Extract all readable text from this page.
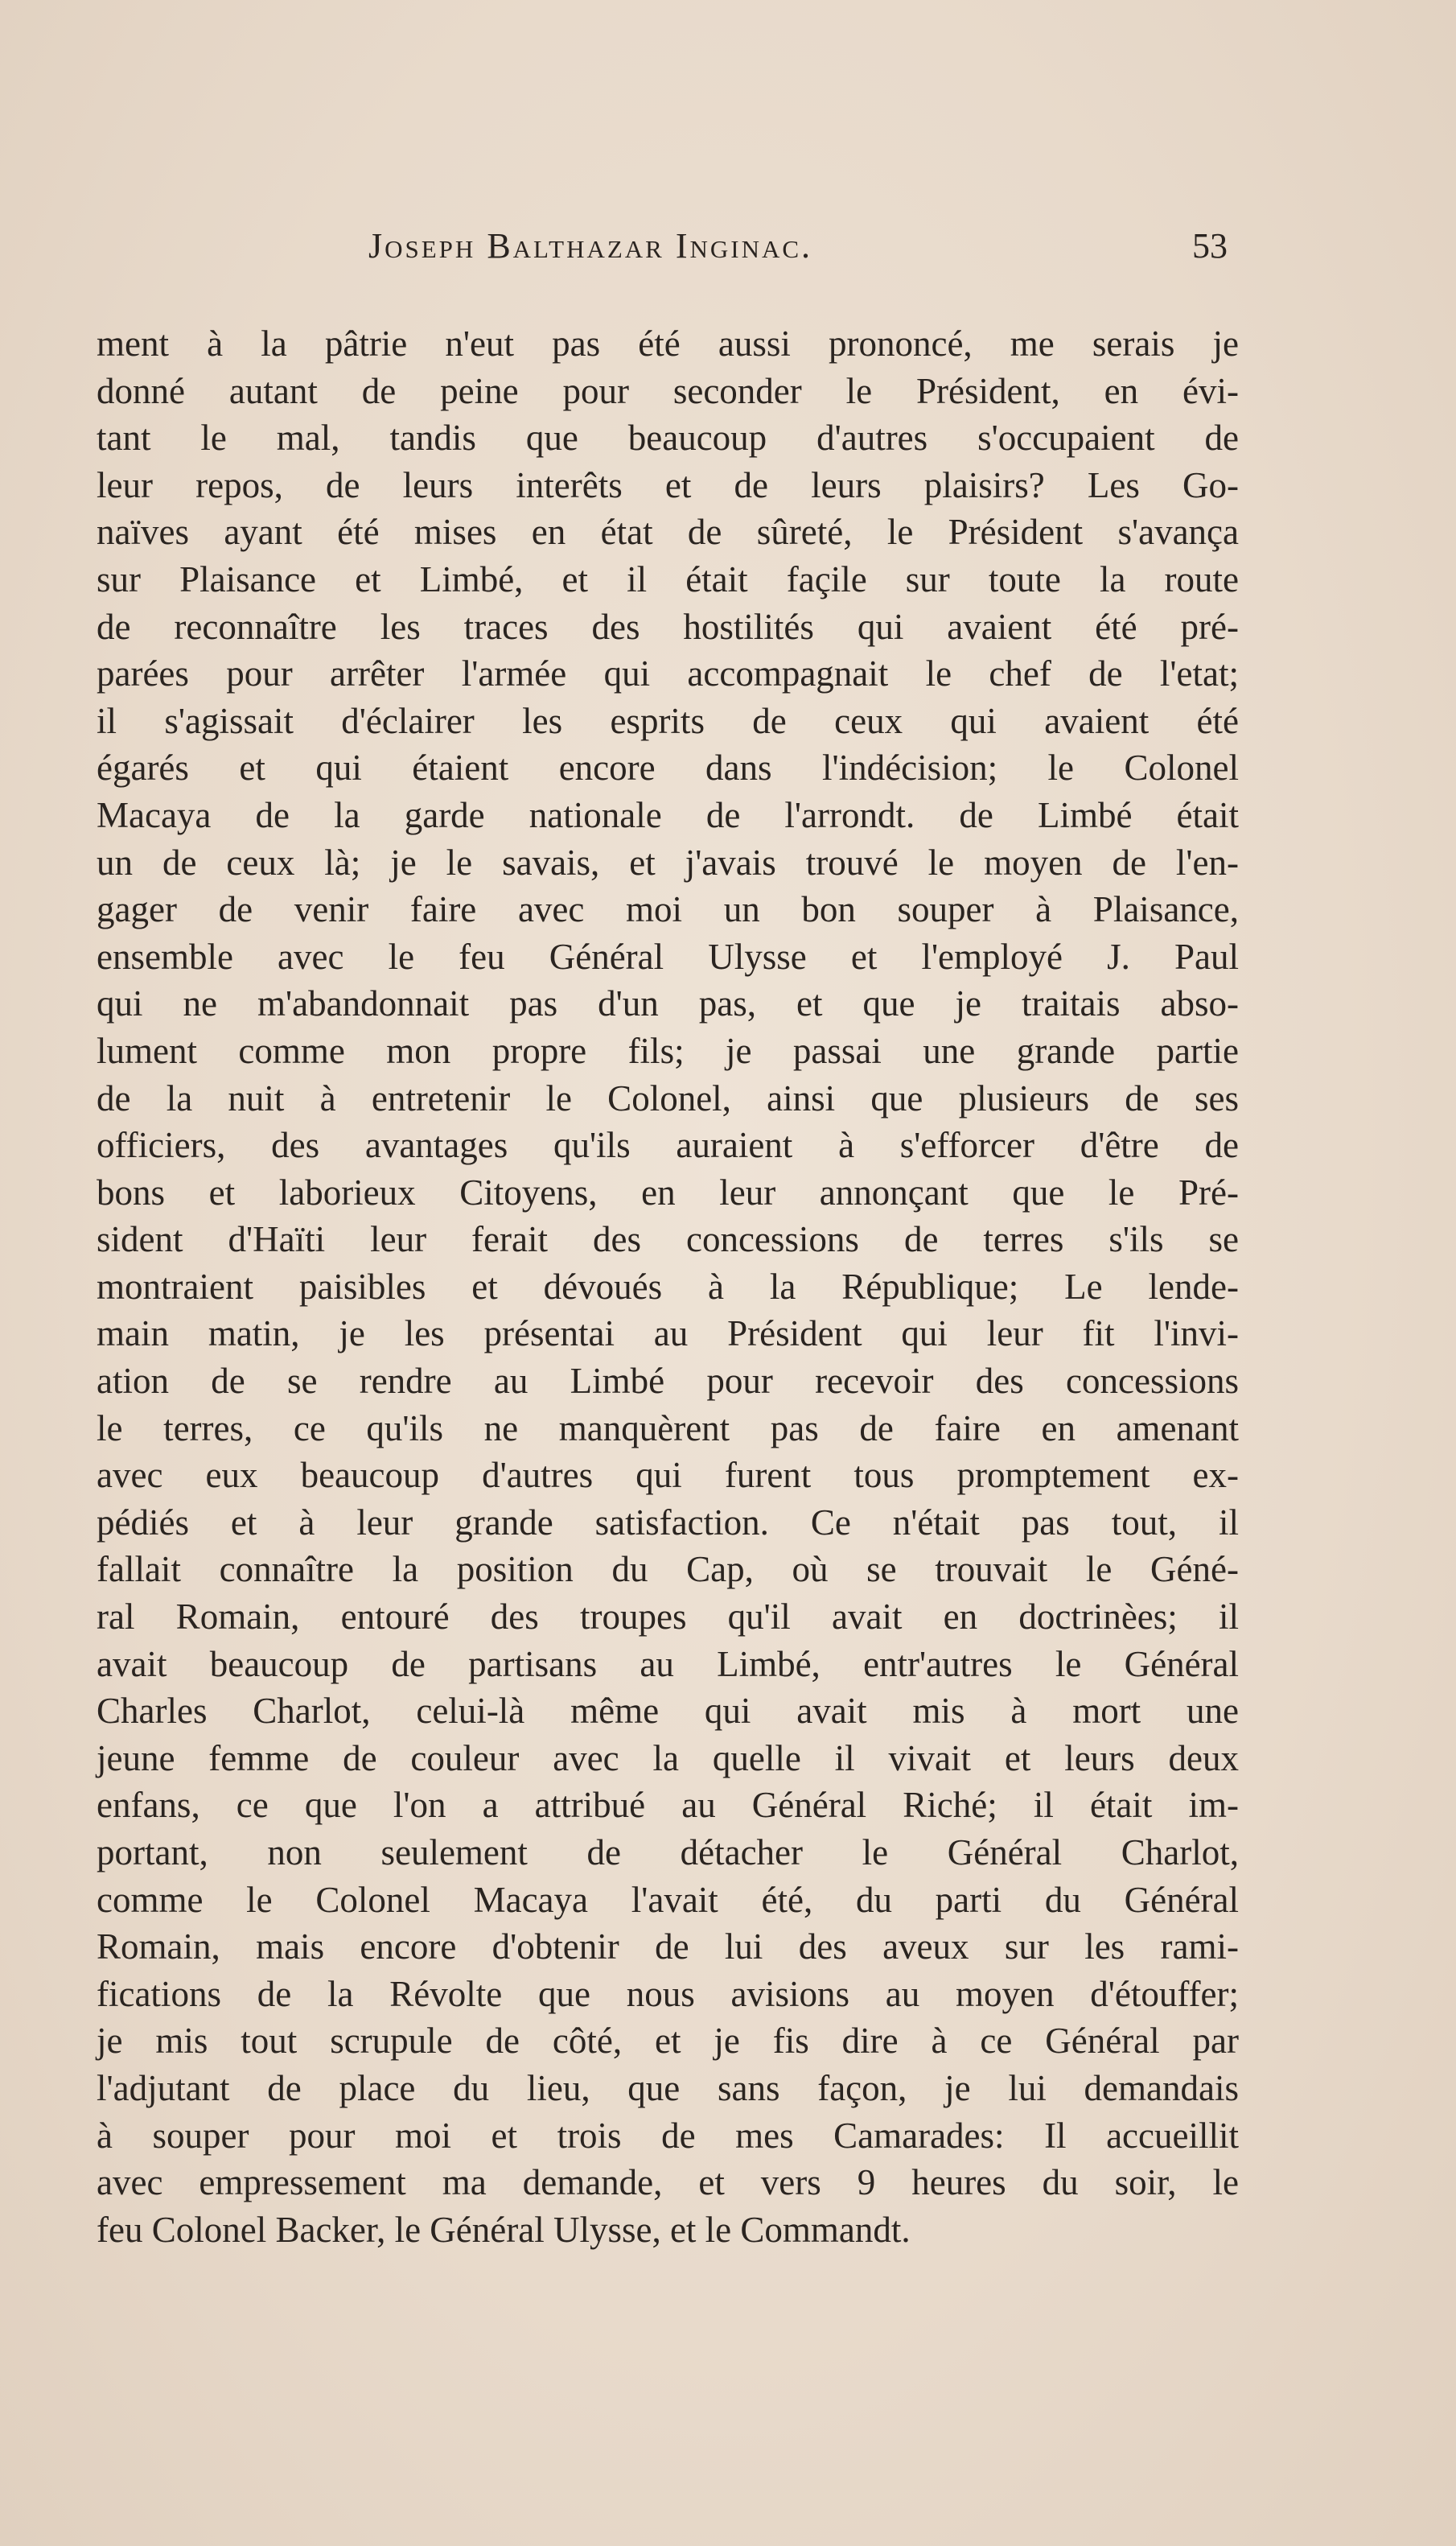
Joseph Balthazar Inginac.	53
ment à la pâtrie n'eut pas été aussi prononcé, me serais je
donné autant de peine pour seconder le Président, en évi-
tant le mal, tandis que beaucoup d'autres s'occupaient de
leur repos, de leurs interêts et de leurs plaisirs? Les Go-
naïves ayant été mises en état de sûreté, le Président s'avança
sur Plaisance et Limbé, et il était façile sur toute la route
de reconnaître les traces des hostilités qui avaient été pré-
parées pour arrêter l'armée qui accompagnait le chef de l'etat;
il s'agissait d'éclairer les esprits de ceux qui avaient été
égarés et qui étaient encore dans l'indécision; le Colonel
Macaya de la garde nationale de l'arrondt. de Limbé était
un de ceux là; je le savais, et j'avais trouvé le moyen de l'en-
gager de venir faire avec moi un bon souper à Plaisance,
ensemble avec le feu Général Ulysse et l'employé J. Paul
qui ne m'abandonnait pas d'un pas, et que je traitais abso-
lument comme mon propre fils; je passai une grande partie
de la nuit à entretenir le Colonel, ainsi que plusieurs de ses
officiers, des avantages qu'ils auraient à s'efforcer d'être de
bons et laborieux Citoyens, en leur annonçant que le Pré-
sident d'Haïti leur ferait des concessions de terres s'ils se
montraient paisibles et dévoués à la République; Le lende-
main matin, je les présentai au Président qui leur fit l'invi-
ation de se rendre au Limbé pour recevoir des concessions
le terres, ce qu'ils ne manquèrent pas de faire en amenant
avec eux beaucoup d'autres qui furent tous promptement ex-
pédiés et à leur grande satisfaction. Ce n'était pas tout, il
fallait connaître la position du Cap, où se trouvait le Géné-
ral Romain, entouré des troupes qu'il avait en doctrinèes; il
avait beaucoup de partisans au Limbé, entr'autres le Général
Charles Charlot, celui-là même qui avait mis à mort une
jeune femme de couleur avec la quelle il vivait et leurs deux
enfans, ce que l'on a attribué au Général Riché; il était im-
portant, non seulement de détacher le Général Charlot,
comme le Colonel Macaya l'avait été, du parti du Général
Romain, mais encore d'obtenir de lui des aveux sur les rami-
fications de la Révolte que nous avisions au moyen d'étouffer;
je mis tout scrupule de côté, et je fis dire à ce Général par
l'adjutant de place du lieu, que sans façon, je lui demandais
à souper pour moi et trois de mes Camarades: Il accueillit
avec empressement ma demande, et vers 9 heures du soir, le
feu Colonel Backer, le Général Ulysse, et le Commandt.
